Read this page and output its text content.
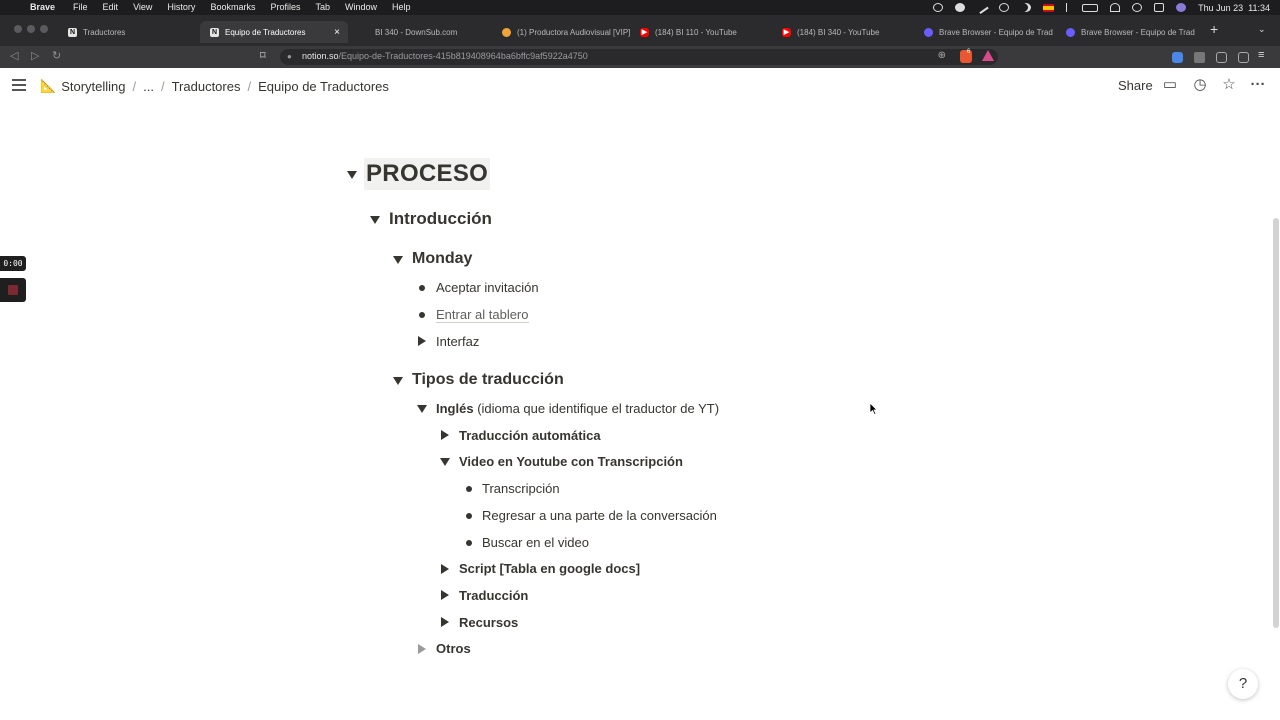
Brave File Edit View History Bookmarks Profiles Tab Window Help	Thu Jun 23  11:34
N Traductores	N Equipo de Traductores	×	BI 340 - DownSub.com	(1) Productora Audiovisual [VIP] ▶ (184) BI 110 - YouTube	▶ (184) BI 340 - YouTube	Brave Browser - Equipo de Trad	Brave Browser - Equipo de Trad +	⌄
◁ ▷ ↻	⌑	●	notion.so/Equipo-de-Traductores-415b819408964ba6bffc9af5922a4750	⊕	6	≡
📐 Storytelling / ... / Traductores / Equipo de Traductores	Share ▭ ◷ ☆ ···
0:00
PROCESO
Introducción
Monday
Aceptar invitación
Entrar al tablero
Interfaz
Tipos de traducción
Inglés (idioma que identifique el traductor de YT)
Traducción automática
Video en Youtube con Transcripción
Transcripción
Regresar a una parte de la conversación
Buscar en el video
Script [Tabla en google docs]
Traducción
Recursos
Otros
?
